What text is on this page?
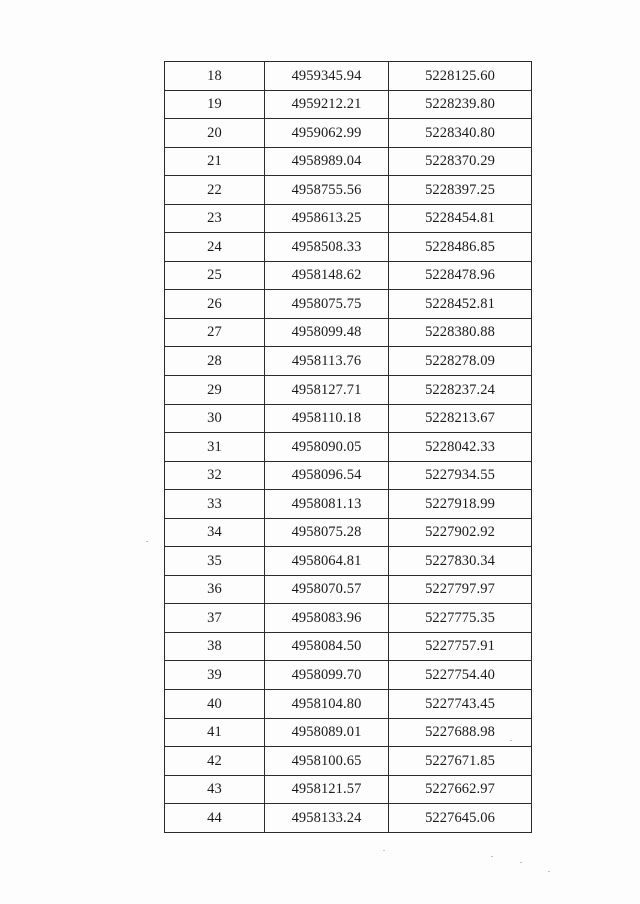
18	4959345.94	5228125.60
19	4959212.21	5228239.80
20	4959062.99	5228340.80
21	4958989.04	5228370.29
22	4958755.56	5228397.25
23	4958613.25	5228454.81
24	4958508.33	5228486.85
25	4958148.62	5228478.96
26	4958075.75	5228452.81
27	4958099.48	5228380.88
28	4958113.76	5228278.09
29	4958127.71	5228237.24
30	4958110.18	5228213.67
31	4958090.05	5228042.33
32	4958096.54	5227934.55
33	4958081.13	5227918.99
34	4958075.28	5227902.92
35	4958064.81	5227830.34
36	4958070.57	5227797.97
37	4958083.96	5227775.35
38	4958084.50	5227757.91
39	4958099.70	5227754.40
40	4958104.80	5227743.45
41	4958089.01	5227688.98
42	4958100.65	5227671.85
43	4958121.57	5227662.97
44	4958133.24	5227645.06
